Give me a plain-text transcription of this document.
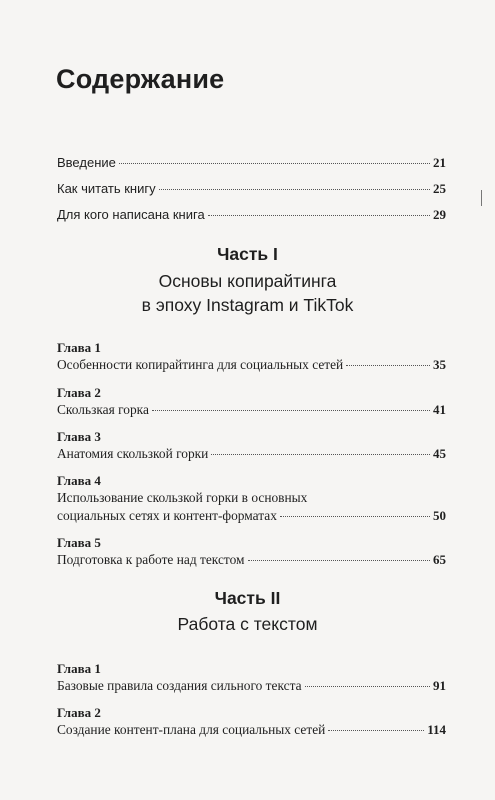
Содержание
Введение	21
Как читать книгу	25
Для кого написана книга	29
Часть I
Основы копирайтинга
в эпоху Instagram и TikTok
Глава 1
Особенности копирайтинга для социальных сетей	35
Глава 2
Скользкая горка	41
Глава 3
Анатомия скользкой горки	45
Глава 4
Использование скользкой горки в основных
социальных сетях и контент-форматах	50
Глава 5
Подготовка к работе над текстом	65
Часть II
Работа с текстом
Глава 1
Базовые правила создания сильного текста	91
Глава 2
Создание контент-плана для социальных сетей	114
